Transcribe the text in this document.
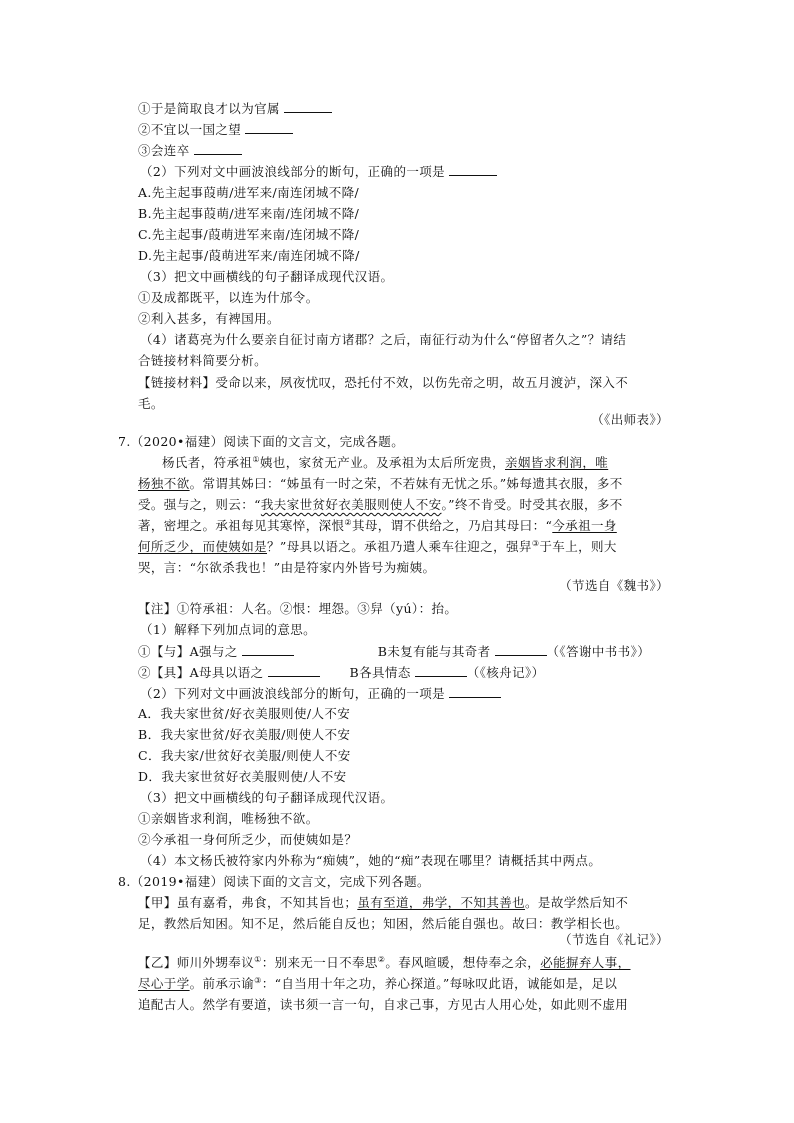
①于是简取良才以为官属
②不宜以一国之望
③会连卒
（2）下列对文中画波浪线部分的断句，正确的一项是
A.先主起事葭萌/进军来/南连闭城不降/
B.先主起事葭萌/进军来南/连闭城不降/
C.先主起事/葭萌进军来南/连闭城不降/
D.先主起事/葭萌进军来/南连闭城不降/
（3）把文中画横线的句子翻译成现代汉语。
①及成都既平，以连为什邡令。
②利入甚多，有裨国用。
（4）诸葛亮为什么要亲自征讨南方诸郡？之后，南征行动为什么“停留者久之”？请结
合链接材料简要分析。
【链接材料】受命以来，夙夜忧叹，恐托付不效，以伤先帝之明，故五月渡泸，深入不
毛。
（《出师表》）
7.（2020•福建）阅读下面的文言文，完成各题。
杨氏者，符承祖①姨也，家贫无产业。及承祖为太后所宠贵，亲姻皆求利润，唯
杨独不欲。常谓其姊曰：“姊虽有一时之荣，不若妹有无忧之乐。”姊每遗其衣服，多不
受。强与之，则云：“我夫家世贫好衣美服则使人不安。”终不肯受。时受其衣服，多不
著，密埋之。承祖每见其寒悴，深恨②其母，谓不供给之，乃启其母曰：“今承祖一身
何所乏少，而使姨如是？”母具以语之。承祖乃遣人乘车往迎之，强舁③于车上，则大
哭，言：“尔欲杀我也！”由是符家内外皆号为痴姨。
（节选自《魏书》）
【注】①符承祖：人名。②恨：埋怨。③舁（yú）：抬。
（1）解释下列加点词的意思。
①【与】A强与之	B未复有能与其奇者	（《答谢中书书》）
②【具】A母具以语之	B各具情态	（《核舟记》）
（2）下列对文中画波浪线部分的断句，正确的一项是
A．我夫家世贫/好衣美服则使/人不安
B．我夫家世贫/好衣美服/则使人不安
C．我夫家/世贫好衣美服/则使人不安
D．我夫家世贫好衣美服则使/人不安
（3）把文中画横线的句子翻译成现代汉语。
①亲姻皆求利润，唯杨独不欲。
②今承祖一身何所乏少，而使姨如是？
（4）本文杨氏被符家内外称为“痴姨”，她的“痴”表现在哪里？请概括其中两点。
8.（2019•福建）阅读下面的文言文，完成下列各题。
【甲】虽有嘉肴，弗食，不知其旨也；虽有至道，弗学，不知其善也。是故学然后知不
足，教然后知困。知不足，然后能自反也；知困，然后能自强也。故曰：教学相长也。
（节选自《礼记》）
【乙】师川外甥奉议①：别来无一日不奉思②。春风暄暖，想侍奉之余，必能摒弃人事，
尽心于学。前承示谕③：“自当用十年之功，养心探道。”每咏叹此语，诚能如是，足以
追配古人。然学有要道，读书须一言一句，自求己事，方见古人用心处，如此则不虚用
